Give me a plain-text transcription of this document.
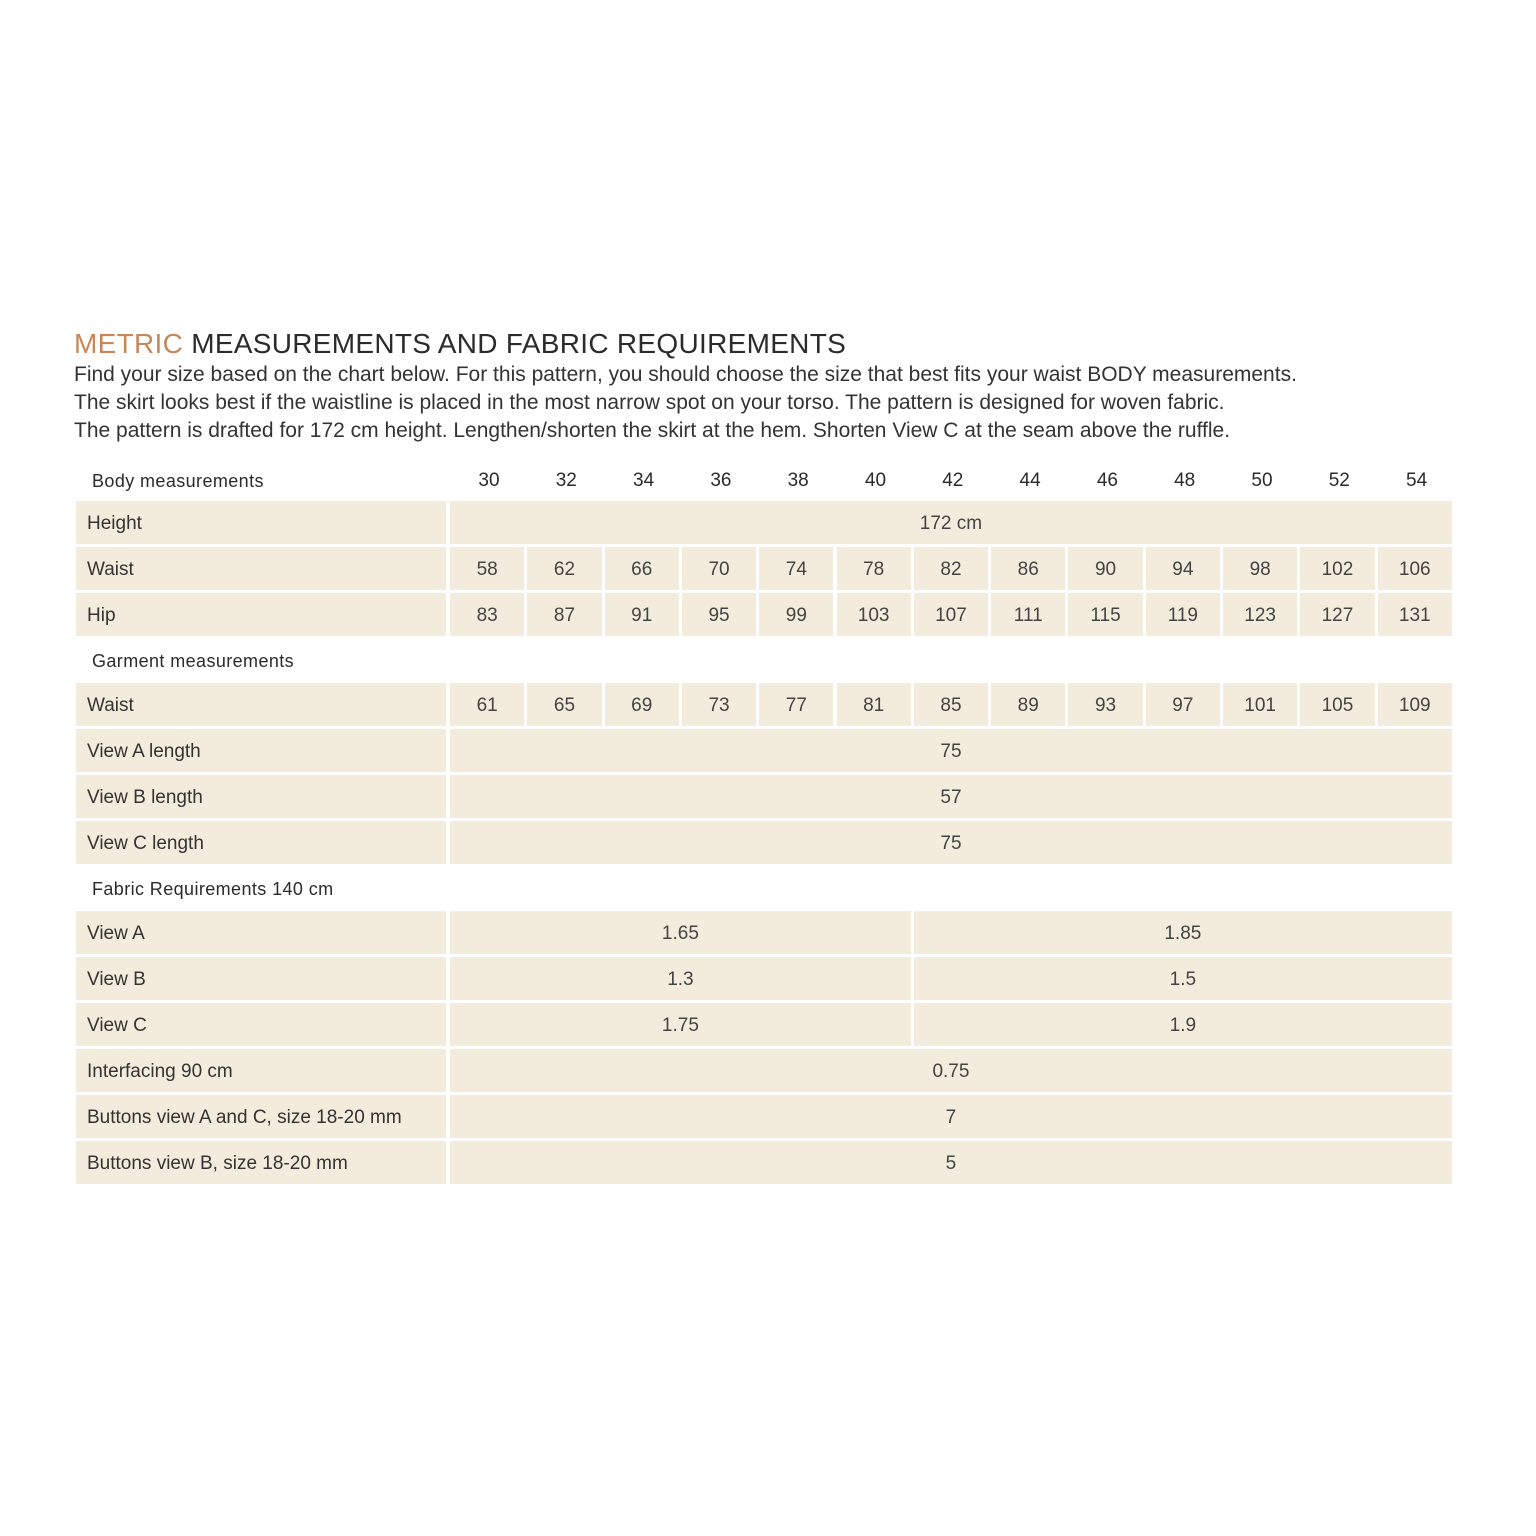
METRIC MEASUREMENTS AND FABRIC REQUIREMENTS
Find your size based on the chart below. For this pattern, you should choose the size that best fits your waist BODY measurements.
The skirt looks best if the waistline is placed in the most narrow spot on your torso. The pattern is designed for woven fabric.
The pattern is drafted for 172 cm height. Lengthen/shorten the skirt at the hem. Shorten View C at the seam above the ruffle.
Body measurements	30	32	34	36	38	40	42	44	46	48	50	52	54
Height	172 cm
Waist	58	62	66	70	74	78	82	86	90	94	98	102	106
Hip	83	87	91	95	99	103	107	111	115	119	123	127	131
Garment measurements
Waist	61	65	69	73	77	81	85	89	93	97	101	105	109
View A length	75
View B length	57
View C length	75
Fabric Requirements 140 cm
View A	1.65	1.85
View B	1.3	1.5
View C	1.75	1.9
Interfacing 90 cm	0.75
Buttons view A and C, size 18-20 mm	7
Buttons view B, size 18-20 mm	5
